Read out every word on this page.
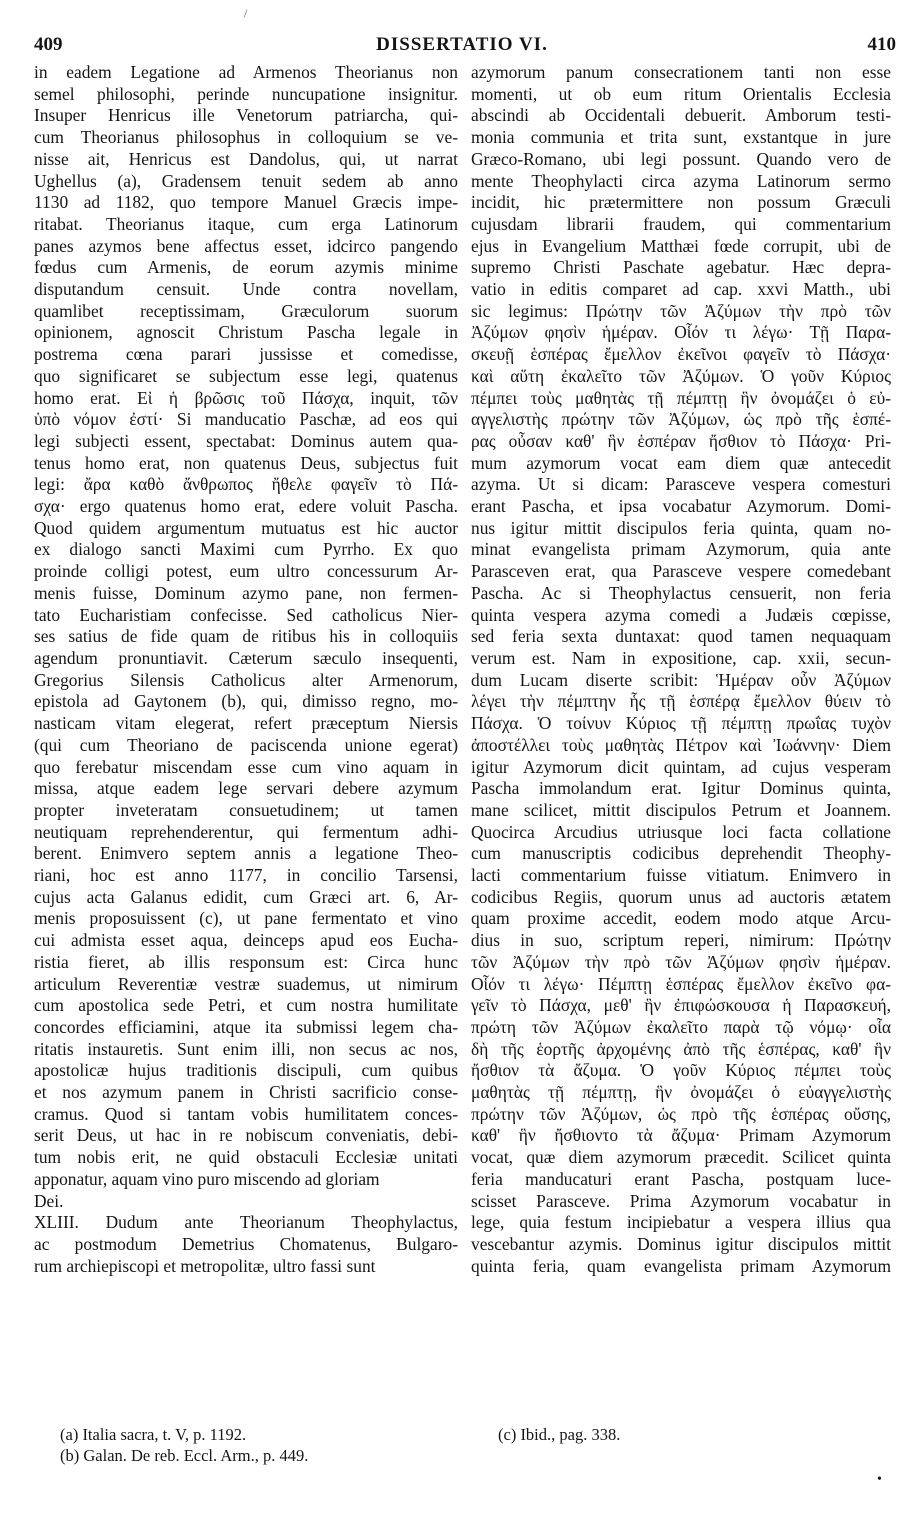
/
409	DISSERTATIO VI.	410
in eadem Legatione ad Armenos Theorianus non
semel philosophi, perinde nuncupatione insignitur.
Insuper Henricus ille Venetorum patriarcha, qui-
cum Theorianus philosophus in colloquium se ve-
nisse ait, Henricus est Dandolus, qui, ut narrat
Ughellus (a), Gradensem tenuit sedem ab anno
1130 ad 1182, quo tempore Manuel Græcis impe-
ritabat. Theorianus itaque, cum erga Latinorum
panes azymos bene affectus esset, idcirco pangendo
fœdus cum Armenis, de eorum azymis minime
disputandum censuit. Unde contra novellam,
quamlibet receptissimam, Græculorum suorum
opinionem, agnoscit Christum Pascha legale in
postrema cœna parari jussisse et comedisse,
quo significaret se subjectum esse legi, quatenus
homo erat. Εἰ ἡ βρῶσις τοῦ Πάσχα, inquit, τῶν
ὑπὸ νόμον ἐστί· Si manducatio Paschæ, ad eos qui
legi subjecti essent, spectabat: Dominus autem qua-
tenus homo erat, non quatenus Deus, subjectus fuit
legi: ἄρα καθὸ ἄνθρωπος ἤθελε φαγεῖν τὸ Πά-
σχα· ergo quatenus homo erat, edere voluit Pascha.
Quod quidem argumentum mutuatus est hic auctor
ex dialogo sancti Maximi cum Pyrrho. Ex quo
proinde colligi potest, eum ultro concessurum Ar-
menis fuisse, Dominum azymo pane, non fermen-
tato Eucharistiam confecisse. Sed catholicus Nier-
ses satius de fide quam de ritibus his in colloquiis
agendum pronuntiavit. Cæterum sæculo insequenti,
Gregorius Silensis Catholicus alter Armenorum,
epistola ad Gaytonem (b), qui, dimisso regno, mo-
nasticam vitam elegerat, refert præceptum Niersis
(qui cum Theoriano de paciscenda unione egerat)
quo ferebatur miscendam esse cum vino aquam in
missa, atque eadem lege servari debere azymum
propter inveteratam consuetudinem; ut tamen
neutiquam reprehenderentur, qui fermentum adhi-
berent. Enimvero septem annis a legatione Theo-
riani, hoc est anno 1177, in concilio Tarsensi,
cujus acta Galanus edidit, cum Græci art. 6, Ar-
menis proposuissent (c), ut pane fermentato et vino
cui admista esset aqua, deinceps apud eos Eucha-
ristia fieret, ab illis responsum est: Circa hunc
articulum Reverentiæ vestræ suademus, ut nimirum
cum apostolica sede Petri, et cum nostra humilitate
concordes efficiamini, atque ita submissi legem cha-
ritatis instauretis. Sunt enim illi, non secus ac nos,
apostolicæ hujus traditionis discipuli, cum quibus
et nos azymum panem in Christi sacrificio conse-
cramus. Quod si tantam vobis humilitatem conces-
serit Deus, ut hac in re nobiscum conveniatis, debi-
tum nobis erit, ne quid obstaculi Ecclesiæ unitati
apponatur, aquam vino puro miscendo ad gloriam
Dei.
XLIII. Dudum ante Theorianum Theophylactus,
ac postmodum Demetrius Chomatenus, Bulgaro-
rum archiepiscopi et metropolitæ, ultro fassi sunt
azymorum panum consecrationem tanti non esse
momenti, ut ob eum ritum Orientalis Ecclesia
abscindi ab Occidentali debuerit. Amborum testi-
monia communia et trita sunt, exstantque in jure
Græco-Romano, ubi legi possunt. Quando vero de
mente Theophylacti circa azyma Latinorum sermo
incidit, hic prætermittere non possum Græculi
cujusdam librarii fraudem, qui commentarium
ejus in Evangelium Matthæi fœde corrupit, ubi de
supremo Christi Paschate agebatur. Hæc depra-
vatio in editis comparet ad cap. xxvi Matth., ubi
sic legimus: Πρώτην τῶν Ἀζύμων τὴν πρὸ τῶν
Ἀζύμων φησὶν ἡμέραν. Οἷόν τι λέγω· Τῇ Παρα-
σκευῇ ἑσπέρας ἔμελλον ἐκεῖνοι φαγεῖν τὸ Πάσχα·
καὶ αὕτη ἐκαλεῖτο τῶν Ἀζύμων. Ὁ γοῦν Κύριος
πέμπει τοὺς μαθητὰς τῇ πέμπτῃ ἣν ὀνομάζει ὁ εὐ-
αγγελιστὴς πρώτην τῶν Ἀζύμων, ὡς πρὸ τῆς ἑσπέ-
ρας οὖσαν καθ' ἣν ἑσπέραν ἤσθιον τὸ Πάσχα· Pri-
mum azymorum vocat eam diem quæ antecedit
azyma. Ut si dicam: Parasceve vespera comesturi
erant Pascha, et ipsa vocabatur Azymorum. Domi-
nus igitur mittit discipulos feria quinta, quam no-
minat evangelista primam Azymorum, quia ante
Parasceven erat, qua Parasceve vespere comedebant
Pascha. Ac si Theophylactus censuerit, non feria
quinta vespera azyma comedi a Judæis cœpisse,
sed feria sexta duntaxat: quod tamen nequaquam
verum est. Nam in expositione, cap. xxii, secun-
dum Lucam diserte scribit: Ἡμέραν οὖν Ἀζύμων
λέγει τὴν πέμπτην ἧς τῇ ἑσπέρᾳ ἔμελλον θύειν τὸ
Πάσχα. Ὁ τοίνυν Κύριος τῇ πέμπτῃ πρωΐας τυχὸν
ἀποστέλλει τοὺς μαθητὰς Πέτρον καὶ Ἰωάννην· Diem
igitur Azymorum dicit quintam, ad cujus vesperam
Pascha immolandum erat. Igitur Dominus quinta,
mane scilicet, mittit discipulos Petrum et Joannem.
Quocirca Arcudius utriusque loci facta collatione
cum manuscriptis codicibus deprehendit Theophy-
lacti commentarium fuisse vitiatum. Enimvero in
codicibus Regiis, quorum unus ad auctoris ætatem
quam proxime accedit, eodem modo atque Arcu-
dius in suo, scriptum reperi, nimirum: Πρώτην
τῶν Ἀζύμων τὴν πρὸ τῶν Ἀζύμων φησὶν ἡμέραν.
Οἷόν τι λέγω· Πέμπτῃ ἑσπέρας ἔμελλον ἐκεῖνο φα-
γεῖν τὸ Πάσχα, μεθ' ἣν ἐπιφώσκουσα ἡ Παρασκευή,
πρώτη τῶν Ἀζύμων ἐκαλεῖτο παρὰ τῷ νόμῳ· οἷα
δὴ τῆς ἑορτῆς ἀρχομένης ἀπὸ τῆς ἑσπέρας, καθ' ἣν
ἤσθιον τὰ ἄζυμα. Ὁ γοῦν Κύριος πέμπει τοὺς
μαθητὰς τῇ πέμπτῃ, ἣν ὀνομάζει ὁ εὐαγγελιστὴς
πρώτην τῶν Ἀζύμων, ὡς πρὸ τῆς ἑσπέρας οὔσης,
καθ' ἣν ἤσθιοντο τὰ ἄζυμα· Primam Azymorum
vocat, quæ diem azymorum præcedit. Scilicet quinta
feria manducaturi erant Pascha, postquam luce-
scisset Parasceve. Prima Azymorum vocabatur in
lege, quia festum incipiebatur a vespera illius qua
vescebantur azymis. Dominus igitur discipulos mittit
quinta feria, quam evangelista primam Azymorum
(a) Italia sacra, t. V, p. 1192.
(b) Galan. De reb. Eccl. Arm., p. 449.
(c) Ibid., pag. 338.
•
